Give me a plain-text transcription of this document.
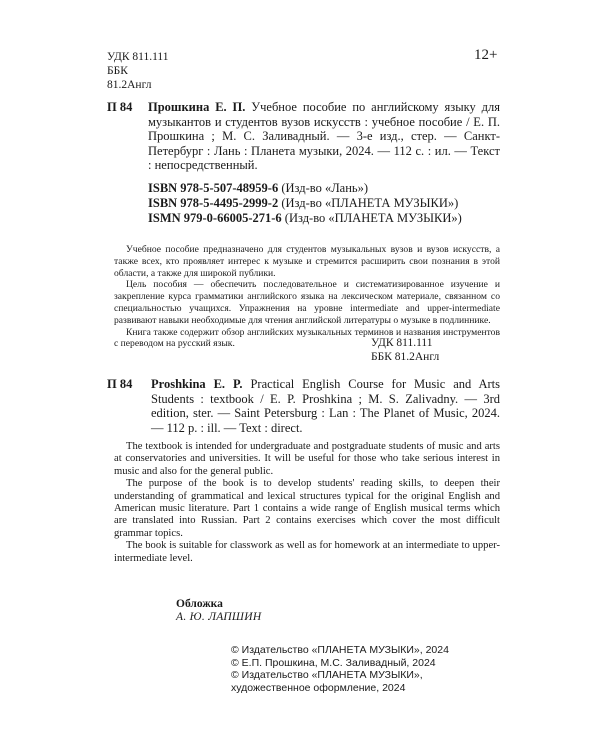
УДК 811.111
ББК
81.2Англ
12+
П 84 Прошкина Е. П. Учебное пособие по английскому языку для музыкантов и студентов вузов искусств : учебное пособие / Е. П. Прошкина ; М. С. Заливадный. — 3-е изд., стер. — Санкт-Петербург : Лань : Планета музыки, 2024. — 112 с. : ил. — Текст : непосредственный.
ISBN 978-5-507-48959-6 (Изд-во «Лань»)
ISBN 978-5-4495-2999-2 (Изд-во «ПЛАНЕТА МУЗЫКИ»)
ISMN 979-0-66005-271-6 (Изд-во «ПЛАНЕТА МУЗЫКИ»)

Учебное пособие предназначено для студентов музыкальных вузов и вузов искусств, а также всех, кто проявляет интерес к музыке и стремится расширить свои познания в этой области, а также для широкой публики.

Цель пособия — обеспечить последовательное и систематизированное изучение и закрепление курса грамматики английского языка на лексическом материале, связанном со специальностью учащихся. Упражнения на уровне intermediate and upper-intermediate развивают навыки необходимые для чтения английской литературы о музыке в подлиннике.

Книга также содержит обзор английских музыкальных терминов и названия инструментов с переводом на русский язык.	УДК 811.111
ББК 81.2Англ
П 84 Proshkina E. P. Practical English Course for Music and Arts Students : textbook / E. P. Proshkina ; M. S. Zalivadny. — 3rd edition, ster. — Saint Petersburg : Lan : The Planet of Music, 2024. — 112 p. : ill. — Text : direct.

The textbook is intended for undergraduate and postgraduate students of music and arts at conservatories and universities. It will be useful for those who take serious interest in music and also for the general public.

The purpose of the book is to develop students' reading skills, to deepen their understanding of grammatical and lexical structures typical for the original English and American music literature. Part 1 contains a wide range of English musical terms which are translated into Russian. Part 2 contains exercises which cover the most difficult grammar topics.

The book is suitable for classwork as well as for homework at an intermediate to upper-intermediate level.

Обложка
А. Ю. ЛАПШИН
© Издательство «ПЛАНЕТА МУЗЫКИ», 2024
© Е.П. Прошкина, М.С. Заливадный, 2024
© Издательство «ПЛАНЕТА МУЗЫКИ»,
художественное оформление, 2024
